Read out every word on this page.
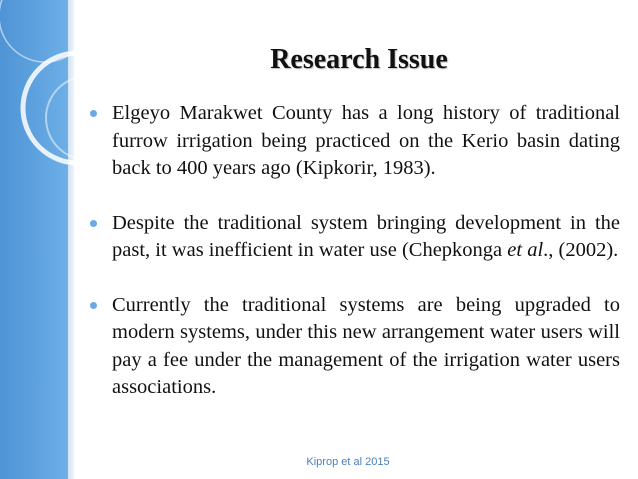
Research Issue
Elgeyo Marakwet County has a long history of traditional furrow irrigation being practiced on the Kerio basin dating back to 400 years ago (Kipkorir, 1983).
Despite the traditional system bringing development in the past, it was inefficient in water use (Chepkonga et al., (2002).
Currently the traditional systems are being upgraded to modern systems, under this new arrangement water users will pay a fee under the management of the irrigation water users associations.
Kiprop et al 2015
